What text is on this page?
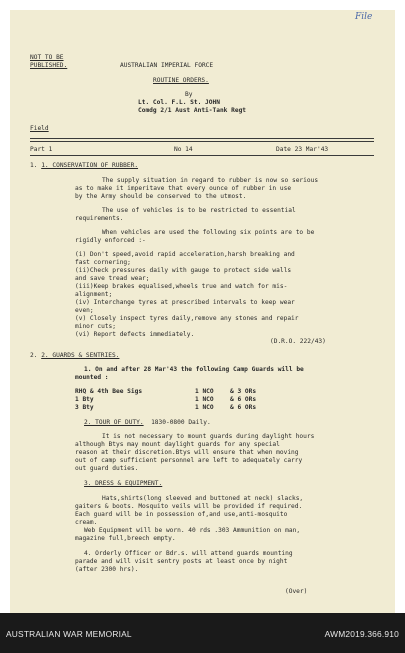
File
NOT TO BE
PUBLISHED.	AUSTRALIAN IMPERIAL FORCE
ROUTINE ORDERS.
By
Lt. Col. F.L. St. JOHN
Comdg 2/1 Aust Anti-Tank Regt
Field
Part 1	No 14	Date 23 Mar'43
1. 1. CONSERVATION OF RUBBER.
The supply situation in regard to rubber is now so serious
as to make it imperitave that every ounce of rubber in use
by the Army should be conserved to the utmost.
The use of vehicles is to be restricted to essential
requirements.
When vehicles are used the following six points are to be
rigidly enforced :-
(i) Don't speed,avoid rapid acceleration,harsh breaking and
fast cornering;
(ii)Check pressures daily with gauge to protect side walls
and save tread wear;
(iii)Keep brakes equalised,wheels true and watch for mis-
alignment;
(iv) Interchange tyres at prescribed intervals to keep wear
even;
(v) Closely inspect tyres daily,remove any stones and repair
minor cuts;
(vi) Report defects immediately.
(D.R.O. 222/43)
2. 2. GUARDS & SENTRIES.
1. On and after 28 Mar'43 the following Camp Guards will be
mounted :
RHQ & 4th Bee Sigs	1 NCO	& 3 ORs
1 Bty	1 NCO	& 6 ORs
3 Bty	1 NCO	& 6 ORs
2. TOUR OF DUTY. 1830-0800 Daily.
It is not necessary to mount guards during daylight hours
although Btys may mount daylight guards for any special
reason at their discretion.Btys will ensure that when moving
out of camp sufficient personnel are left to adequately carry
out guard duties.
3. DRESS & EQUIPMENT.
Hats,shirts(long sleeved and buttoned at neck) slacks,
gaiters & boots. Mosquito veils will be provided if required.
Each guard will be in possession of,and use,anti-mosquito
cream.
Web Equipment will be worn. 40 rds .303 Ammunition on man,
magazine full,breech empty.
4. Orderly Officer or Bdr.s. will attend guards mounting
parade and will visit sentry posts at least once by night
(after 2300 hrs).
(Over)
AUSTRALIAN WAR MEMORIAL	AWM2019.366.910
